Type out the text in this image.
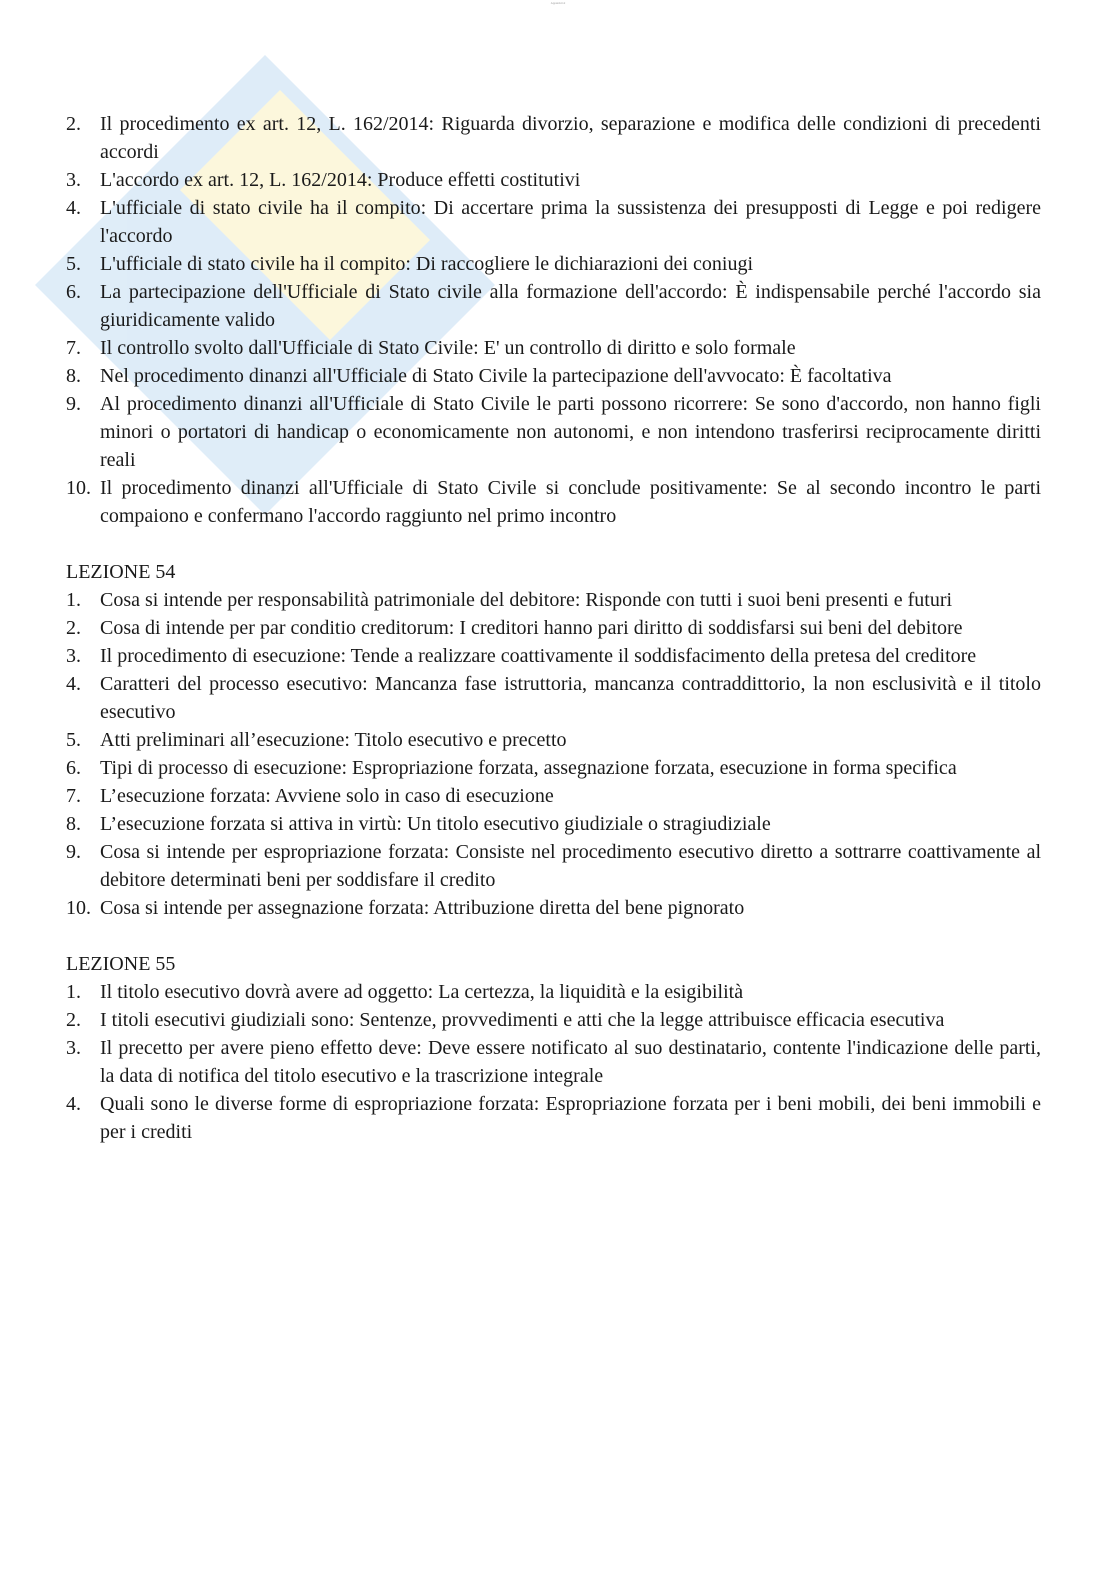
Appunti.it.it
2. Il procedimento ex art. 12, L. 162/2014: Riguarda divorzio, separazione e modifica delle condizioni di precedenti accordi
3. L'accordo ex art. 12, L. 162/2014: Produce effetti costitutivi
4. L'ufficiale di stato civile ha il compito: Di accertare prima la sussistenza dei presupposti di Legge e poi redigere l'accordo
5. L'ufficiale di stato civile ha il compito: Di raccogliere le dichiarazioni dei coniugi
6. La partecipazione dell'Ufficiale di Stato civile alla formazione dell'accordo: È indispensabile perché l'accordo sia giuridicamente valido
7. Il controllo svolto dall'Ufficiale di Stato Civile: E' un controllo di diritto e solo formale
8. Nel procedimento dinanzi all'Ufficiale di Stato Civile la partecipazione dell'avvocato: È facoltativa
9. Al procedimento dinanzi all'Ufficiale di Stato Civile le parti possono ricorrere: Se sono d'accordo, non hanno figli minori o portatori di handicap o economicamente non autonomi, e non intendono trasferirsi reciprocamente diritti reali
10. Il procedimento dinanzi all'Ufficiale di Stato Civile si conclude positivamente: Se al secondo incontro le parti compaiono e confermano l'accordo raggiunto nel primo incontro
LEZIONE 54
1. Cosa si intende per responsabilità patrimoniale del debitore: Risponde con tutti i suoi beni presenti e futuri
2. Cosa di intende per par conditio creditorum: I creditori hanno pari diritto di soddisfarsi sui beni del debitore
3. Il procedimento di esecuzione: Tende a realizzare coattivamente il soddisfacimento della pretesa del creditore
4. Caratteri del processo esecutivo: Mancanza fase istruttoria, mancanza contraddittorio, la non esclusività e il titolo esecutivo
5. Atti preliminari all’esecuzione: Titolo esecutivo e precetto
6. Tipi di processo di esecuzione: Espropriazione forzata, assegnazione forzata, esecuzione in forma specifica
7. L’esecuzione forzata: Avviene solo in caso di esecuzione
8. L’esecuzione forzata si attiva in virtù: Un titolo esecutivo giudiziale o stragiudiziale
9. Cosa si intende per espropriazione forzata: Consiste nel procedimento esecutivo diretto a sottrarre coattivamente al debitore determinati beni per soddisfare il credito
10. Cosa si intende per assegnazione forzata: Attribuzione diretta del bene pignorato
LEZIONE 55
1. Il titolo esecutivo dovrà avere ad oggetto: La certezza, la liquidità e la esigibilità
2. I titoli esecutivi giudiziali sono: Sentenze, provvedimenti e atti che la legge attribuisce efficacia esecutiva
3. Il precetto per avere pieno effetto deve: Deve essere notificato al suo destinatario, contente l'indicazione delle parti, la data di notifica del titolo esecutivo e la trascrizione integrale
4. Quali sono le diverse forme di espropriazione forzata: Espropriazione forzata per i beni mobili, dei beni immobili e per i crediti
